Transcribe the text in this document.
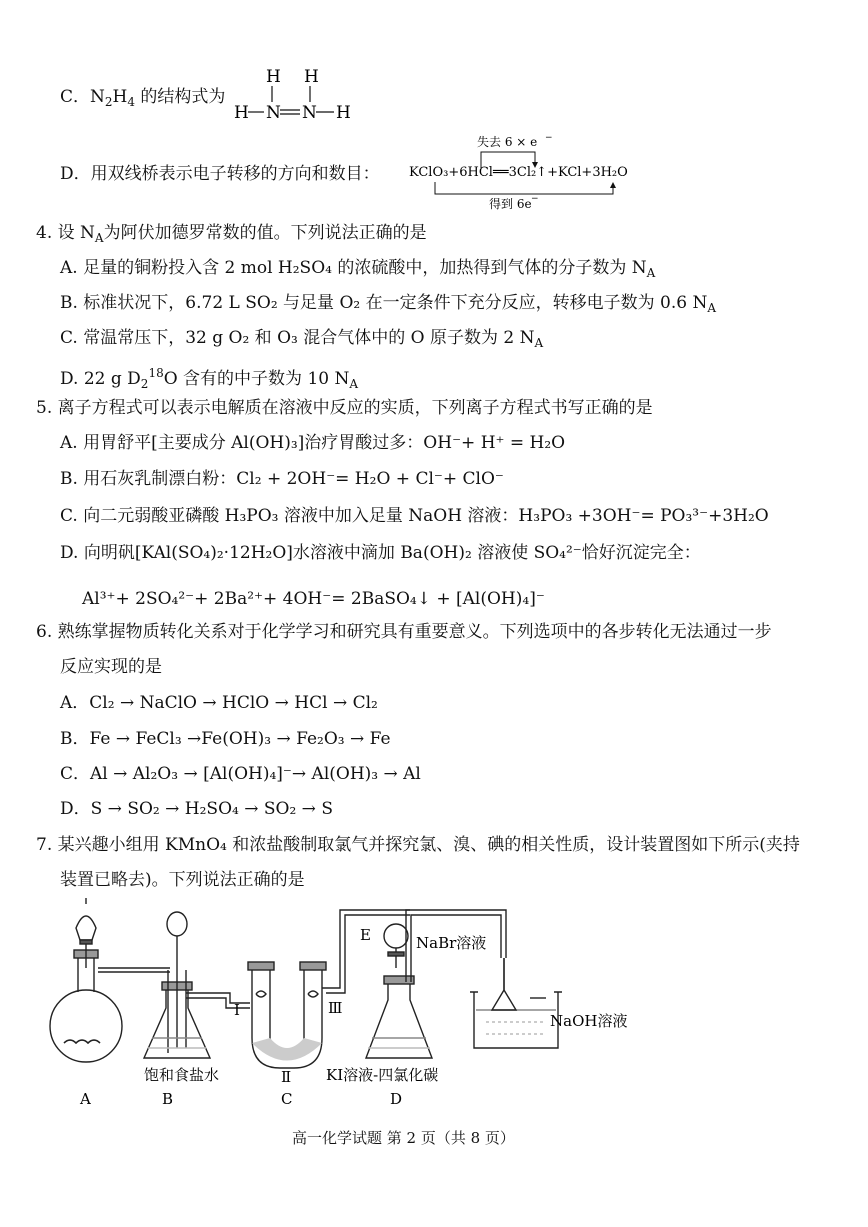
C．$N_2H_4$ 的结构式为
H H
H N N H
D．用双线桥表示电子转移的方向和数目：
失去 6 × e −
KClO₃+6HCl══3Cl₂↑+KCl+3H₂O
得到 6e −
4. 设 $N_A$为阿伏加德罗常数的值。下列说法正确的是
A. 足量的铜粉投入含 2 mol H₂SO₄ 的浓硫酸中，加热得到气体的分子数为 $N_A$
B. 标准状况下，6.72 L SO₂ 与足量 O₂ 在一定条件下充分反应，转移电子数为 0.6 $N_A$
C. 常温常压下，32 g O₂ 和 O₃ 混合气体中的 O 原子数为 2 $N_A$
D. 22 g $D_2^{18}O$ 含有的中子数为 10 $N_A$
5. 离子方程式可以表示电解质在溶液中反应的实质，下列离子方程式书写正确的是
A. 用胃舒平[主要成分 Al(OH)₃]治疗胃酸过多：OH⁻+ H⁺ = H₂O
B. 用石灰乳制漂白粉：Cl₂ + 2OH⁻= H₂O + Cl⁻+ ClO⁻
C. 向二元弱酸亚磷酸 H₃PO₃ 溶液中加入足量 NaOH 溶液：H₃PO₃ +3OH⁻= PO₃³⁻+3H₂O
D. 向明矾[KAl(SO₄)₂·12H₂O]水溶液中滴加 Ba(OH)₂ 溶液使 SO₄²⁻恰好沉淀完全：
Al³⁺+ 2SO₄²⁻+ 2Ba²⁺+ 4OH⁻= 2BaSO₄↓ + [Al(OH)₄]⁻
6. 熟练掌握物质转化关系对于化学学习和研究具有重要意义。下列选项中的各步转化无法通过一步
反应实现的是
A．Cl₂ → NaClO → HClO → HCl → Cl₂
B．Fe → FeCl₃ →Fe(OH)₃ → Fe₂O₃ → Fe
C．Al → Al₂O₃ → [Al(OH)₄]⁻→ Al(OH)₃ → Al
D．S → SO₂ → H₂SO₄ → SO₂ → S
7. 某兴趣小组用 KMnO₄ 和浓盐酸制取氯气并探究氯、溴、碘的相关性质，设计装置图如下所示(夹持
装置已略去)。下列说法正确的是
E	NaBr溶液
NaOH溶液
Ⅰ
Ⅱ
Ⅲ
饱和食盐水	KI溶液-四氯化碳
A	B	C	D
高一化学试题 第 2 页（共 8 页）
